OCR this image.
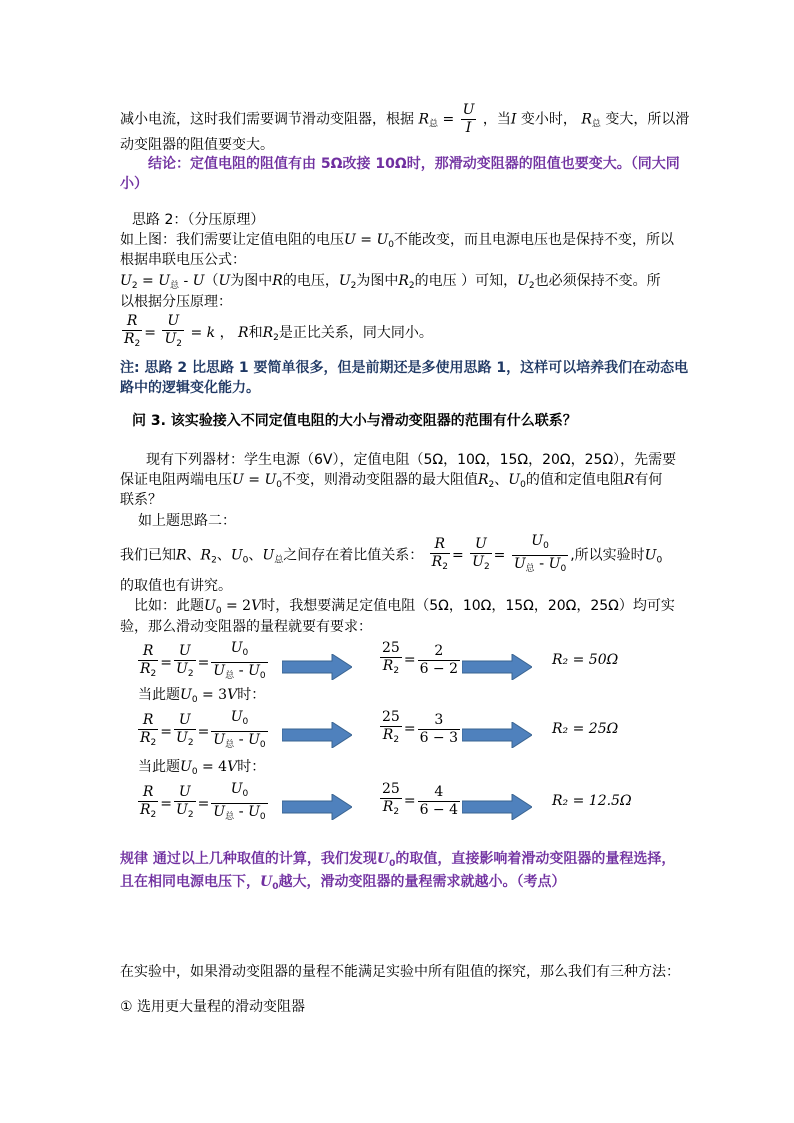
减小电流，这时我们需要调节滑动变阻器，根据 $R_总 = \frac{U}{I}$ ，当I 变小时， $R_总$ 变大，所以滑
动变阻器的阻值要变大。
结论：定值电阻的阻值有由 5Ω改接 10Ω时，那滑动变阻器的阻值也要变大。（同大同
小）
思路 2：（分压原理）
如上图：我们需要让定值电阻的电压$U = U_0$不能改变，而且电源电压也是保持不变，所以
根据串联电压公式：
$U_2 = U_总 - U(U$为图中R的电压，$U_2$为图中$R_2$的电压 ）可知，$U_2$也必须保持不变。所
以根据分压原理：
$\frac{R}{R_2} = \frac{U}{U_2} = k$ ， R和$R_2$是正比关系，同大同小。
注: 思路 2 比思路 1 要简单很多，但是前期还是多使用思路 1，这样可以培养我们在动态电
路中的逻辑变化能力。
问 3. 该实验接入不同定值电阻的大小与滑动变阻器的范围有什么联系？
现有下列器材：学生电源（6V），定值电阻（5Ω，10Ω，15Ω，20Ω，25Ω），先需要
保证电阻两端电压$U = U_0$不变，则滑动变阻器的最大阻值$R_2$、$U_0$的值和定值电阻R有何
联系？
如上题思路二：
我们已知R、$R_2$、$U_0$、$U_总$之间存在着比值关系： $\frac{R}{R_2} = \frac{U}{U_2} = \frac{U_0}{U_总 - U_0}$ ,所以实验时$U_0$
的取值也有讲究。
比如：此题$U_0 = 2V$时，我想要满足定值电阻（5Ω，10Ω，15Ω，20Ω，25Ω）均可实
验，那么滑动变阻器的量程就要有要求：
$\frac{R}{R_2} = \frac{U}{U_2} = \frac{U_0}{U_总 - U_0}$	$\frac{25}{R_2} = \frac{2}{6 - 2}$	R₂ = 50Ω
当此题$U_0 = 3V$时：
$\frac{R}{R_2} = \frac{U}{U_2} = \frac{U_0}{U_总 - U_0}$	$\frac{25}{R_2} = \frac{3}{6 - 3}$	R₂ = 25Ω
当此题$U_0 = 4V$时：
$\frac{R}{R_2} = \frac{U}{U_2} = \frac{U_0}{U_总 - U_0}$	$\frac{25}{R_2} = \frac{4}{6 - 4}$	R₂ = 12.5Ω
规律 通过以上几种取值的计算，我们发现$U_0$的取值，直接影响着滑动变阻器的量程选择，
且在相同电源电压下，$U_0$越大，滑动变阻器的量程需求就越小。（考点）
在实验中，如果滑动变阻器的量程不能满足实验中所有阻值的探究，那么我们有三种方法：
① 选用更大量程的滑动变阻器
